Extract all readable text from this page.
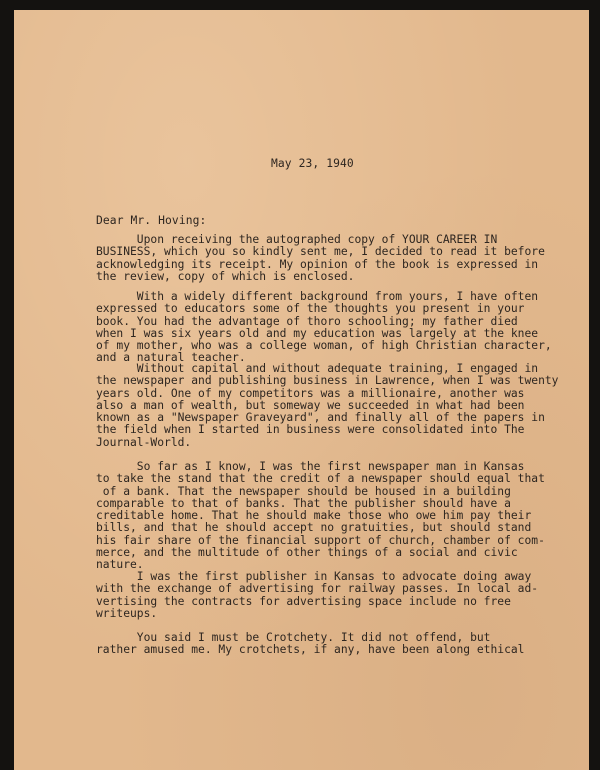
May 23, 1940
Dear Mr. Hoving:
Upon receiving the autographed copy of YOUR CAREER IN
BUSINESS, which you so kindly sent me, I decided to read it before
acknowledging its receipt. My opinion of the book is expressed in
the review, copy of which is enclosed.
With a widely different background from yours, I have often
expressed to educators some of the thoughts you present in your
book. You had the advantage of thoro schooling; my father died
when I was six years old and my education was largely at the knee
of my mother, who was a college woman, of high Christian character,
and a natural teacher.
Without capital and without adequate training, I engaged in
the newspaper and publishing business in Lawrence, when I was twenty
years old. One of my competitors was a millionaire, another was
also a man of wealth, but someway we succeeded in what had been
known as a "Newspaper Graveyard", and finally all of the papers in
the field when I started in business were consolidated into The
Journal-World.
So far as I know, I was the first newspaper man in Kansas
to take the stand that the credit of a newspaper should equal that
of a bank. That the newspaper should be housed in a building
comparable to that of banks. That the publisher should have a
creditable home. That he should make those who owe him pay their
bills, and that he should accept no gratuities, but should stand
his fair share of the financial support of church, chamber of com-
merce, and the multitude of other things of a social and civic
nature.
I was the first publisher in Kansas to advocate doing away
with the exchange of advertising for railway passes. In local ad-
vertising the contracts for advertising space include no free
writeups.
You said I must be Crotchety. It did not offend, but
rather amused me. My crotchets, if any, have been along ethical
